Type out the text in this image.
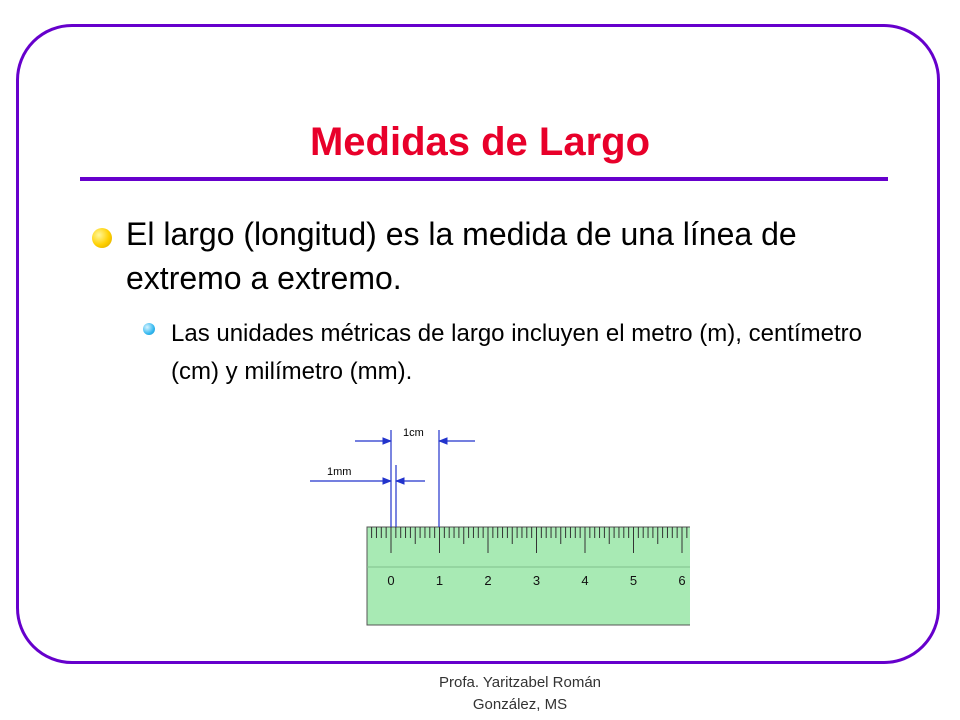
Medidas de Largo
El largo (longitud) es la medida de una línea de extremo a extremo.
Las unidades métricas de largo incluyen el metro (m), centímetro (cm) y milímetro (mm).
0	1	2	3	4	5	6
1cm
1mm
Profa. Yaritzabel Román
González, MS
